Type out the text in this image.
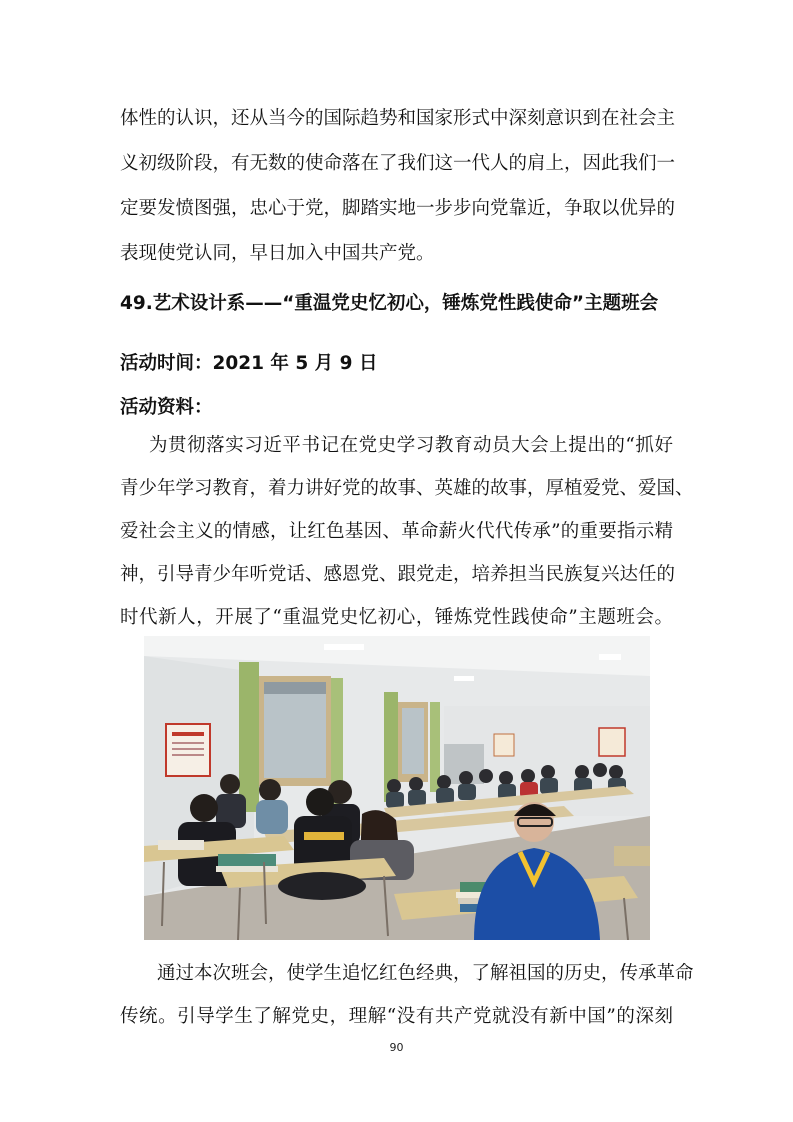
体性的认识，还从当今的国际趋势和国家形式中深刻意识到在社会主
义初级阶段，有无数的使命落在了我们这一代人的肩上，因此我们一
定要发愤图强，忠心于党，脚踏实地一步步向党靠近，争取以优异的
表现使党认同，早日加入中国共产党。

49.艺术设计系——“重温党史忆初心，锤炼党性践使命”主题班会

活动时间：2021 年 5 月 9 日

活动资料：

为贯彻落实习近平书记在党史学习教育动员大会上提出的“抓好
青少年学习教育，着力讲好党的故事、英雄的故事，厚植爱党、爱国、
爱社会主义的情感，让红色基因、革命薪火代代传承”的重要指示精
神，引导青少年听党话、感恩党、跟党走，培养担当民族复兴达任的
时代新人，开展了“重温党史忆初心，锤炼党性践使命”主题班会。
通过本次班会，使学生追忆红色经典，了解祖国的历史，传承革命
传统。引导学生了解党史，理解“没有共产党就没有新中国”的深刻
90
